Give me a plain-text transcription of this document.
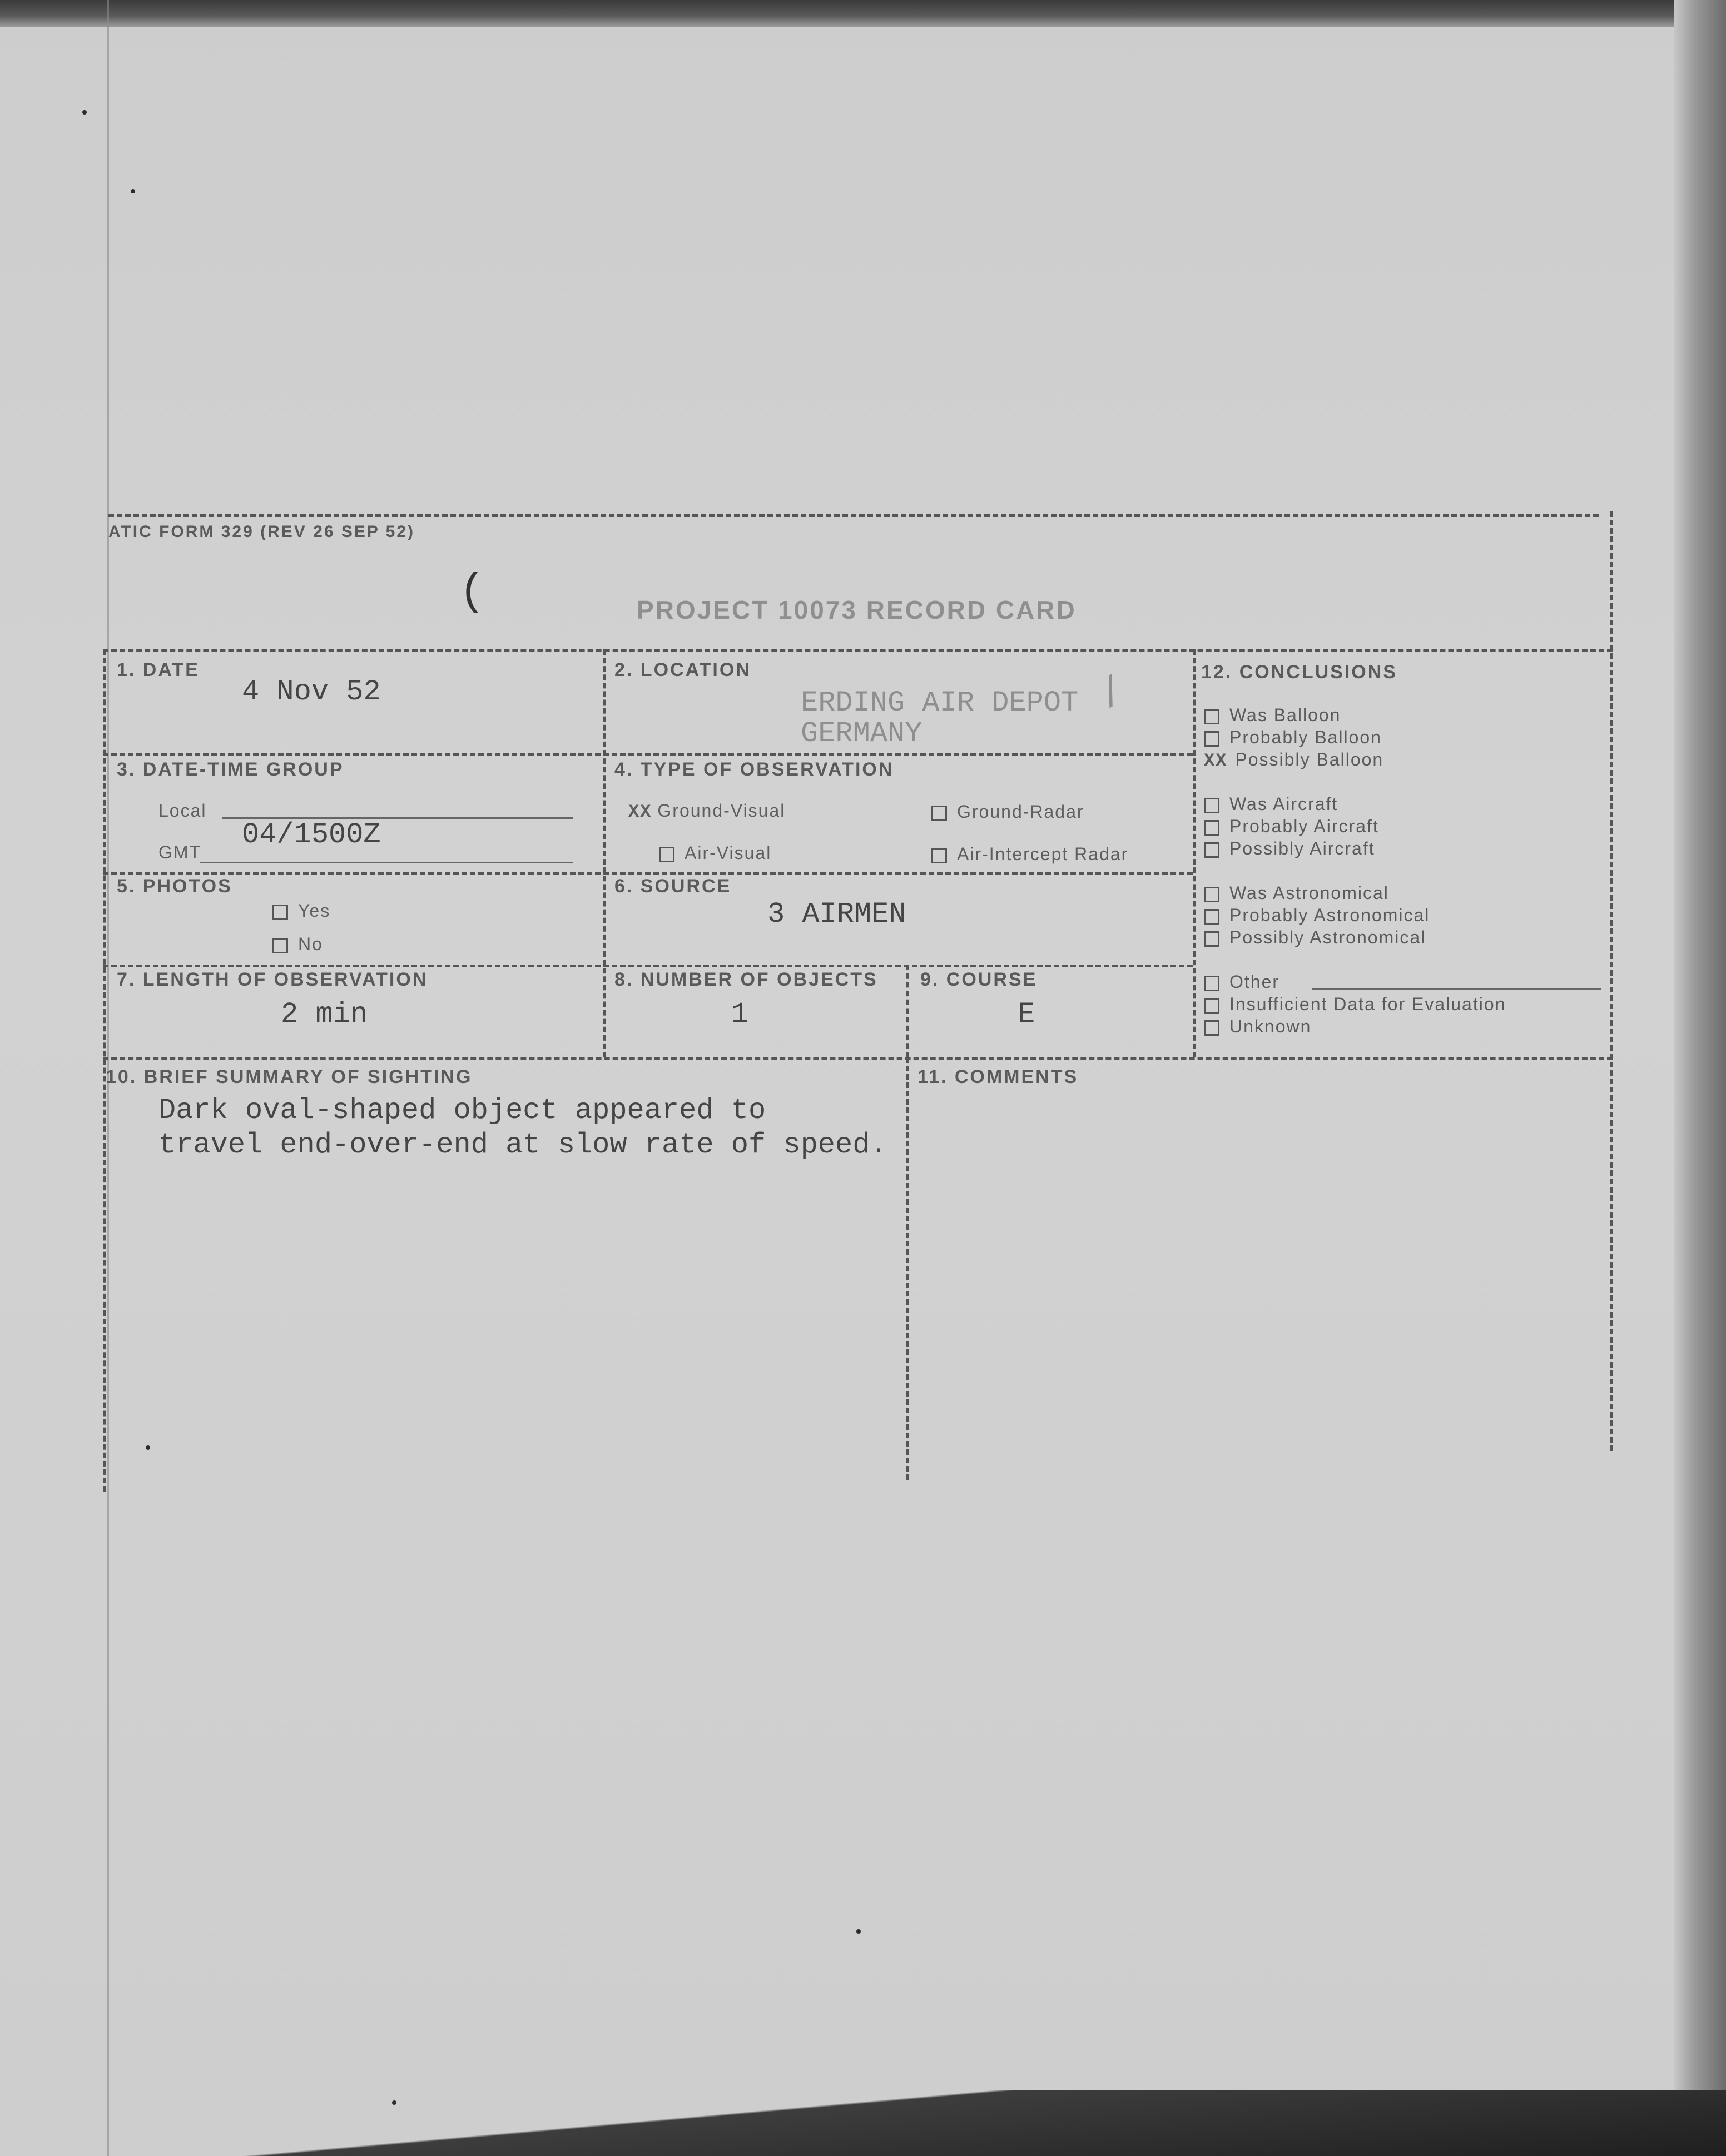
ATIC FORM 329 (REV 26 SEP 52)
PROJECT 10073 RECORD CARD
(
1. DATE
4 Nov 52
2. LOCATION
ERDING AIR DEPOT
GERMANY
/
3. DATE-TIME GROUP
Local
GMT
04/1500Z
4. TYPE OF OBSERVATION
XX Ground-Visual	Ground-Radar
Air-Visual	Air-Intercept Radar
5. PHOTOS
Yes
No
6. SOURCE
3 AIRMEN
7. LENGTH OF OBSERVATION
2 min
8. NUMBER OF OBJECTS
1
9. COURSE
E
10. BRIEF SUMMARY OF SIGHTING
Dark oval-shaped object appeared to
travel end-over-end at slow rate of speed.
11. COMMENTS
12. CONCLUSIONS
Was Balloon
Probably Balloon
XX Possibly Balloon
Was Aircraft
Probably Aircraft
Possibly Aircraft
Was Astronomical
Probably Astronomical
Possibly Astronomical
Other
Insufficient Data for Evaluation
Unknown
